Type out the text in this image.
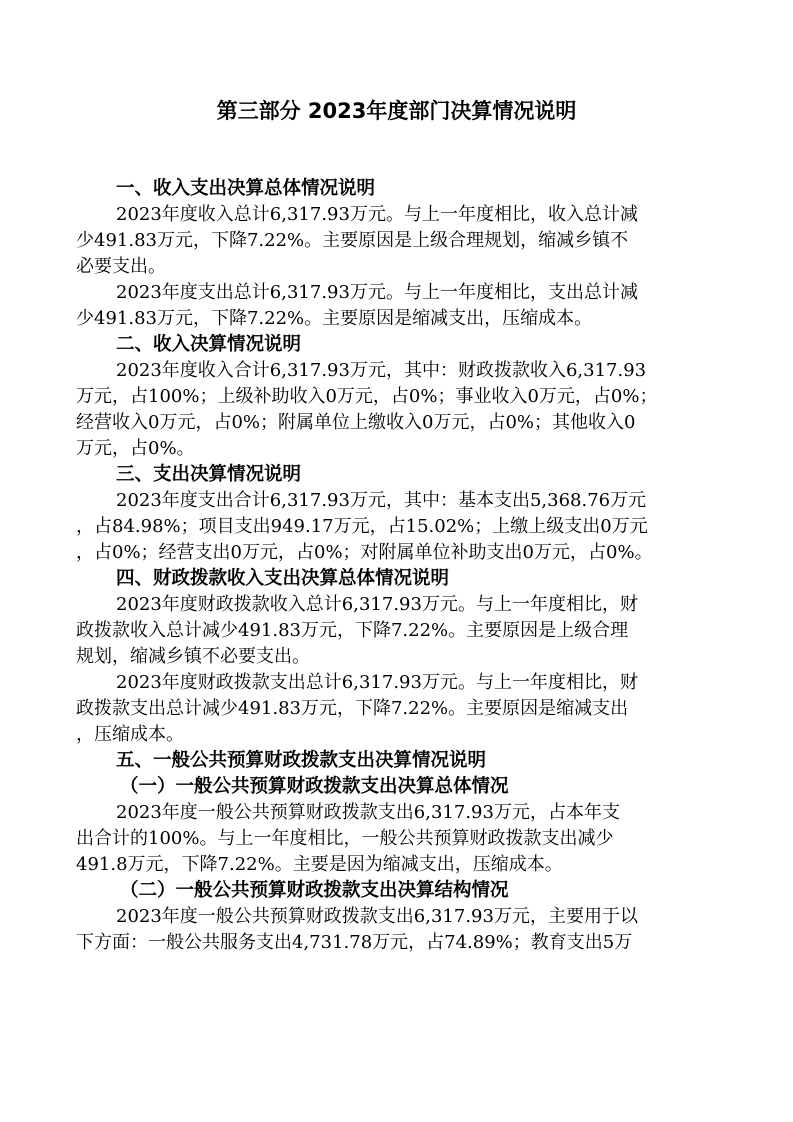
第三部分 2023年度部门决算情况说明
一、收入支出决算总体情况说明
2023年度收入总计6,317.93万元。与上一年度相比，收入总计减
少491.83万元，下降7.22%。主要原因是上级合理规划，缩减乡镇不
必要支出。
2023年度支出总计6,317.93万元。与上一年度相比，支出总计减
少491.83万元，下降7.22%。主要原因是缩减支出，压缩成本。
二、收入决算情况说明
2023年度收入合计6,317.93万元，其中：财政拨款收入6,317.93
万元，占100%；上级补助收入0万元，占0%；事业收入0万元，占0%；
经营收入0万元，占0%；附属单位上缴收入0万元，占0%；其他收入0
万元，占0%。
三、支出决算情况说明
2023年度支出合计6,317.93万元，其中：基本支出5,368.76万元
，占84.98%；项目支出949.17万元，占15.02%；上缴上级支出0万元
，占0%；经营支出0万元，占0%；对附属单位补助支出0万元，占0%。
四、财政拨款收入支出决算总体情况说明
2023年度财政拨款收入总计6,317.93万元。与上一年度相比，财
政拨款收入总计减少491.83万元，下降7.22%。主要原因是上级合理
规划，缩减乡镇不必要支出。
2023年度财政拨款支出总计6,317.93万元。与上一年度相比，财
政拨款支出总计减少491.83万元，下降7.22%。主要原因是缩减支出
，压缩成本。
五、一般公共预算财政拨款支出决算情况说明
（一）一般公共预算财政拨款支出决算总体情况
2023年度一般公共预算财政拨款支出6,317.93万元，占本年支
出合计的100%。与上一年度相比，一般公共预算财政拨款支出减少
491.8万元，下降7.22%。主要是因为缩减支出，压缩成本。
（二）一般公共预算财政拨款支出决算结构情况
2023年度一般公共预算财政拨款支出6,317.93万元，主要用于以
下方面：一般公共服务支出4,731.78万元，占74.89%；教育支出5万
